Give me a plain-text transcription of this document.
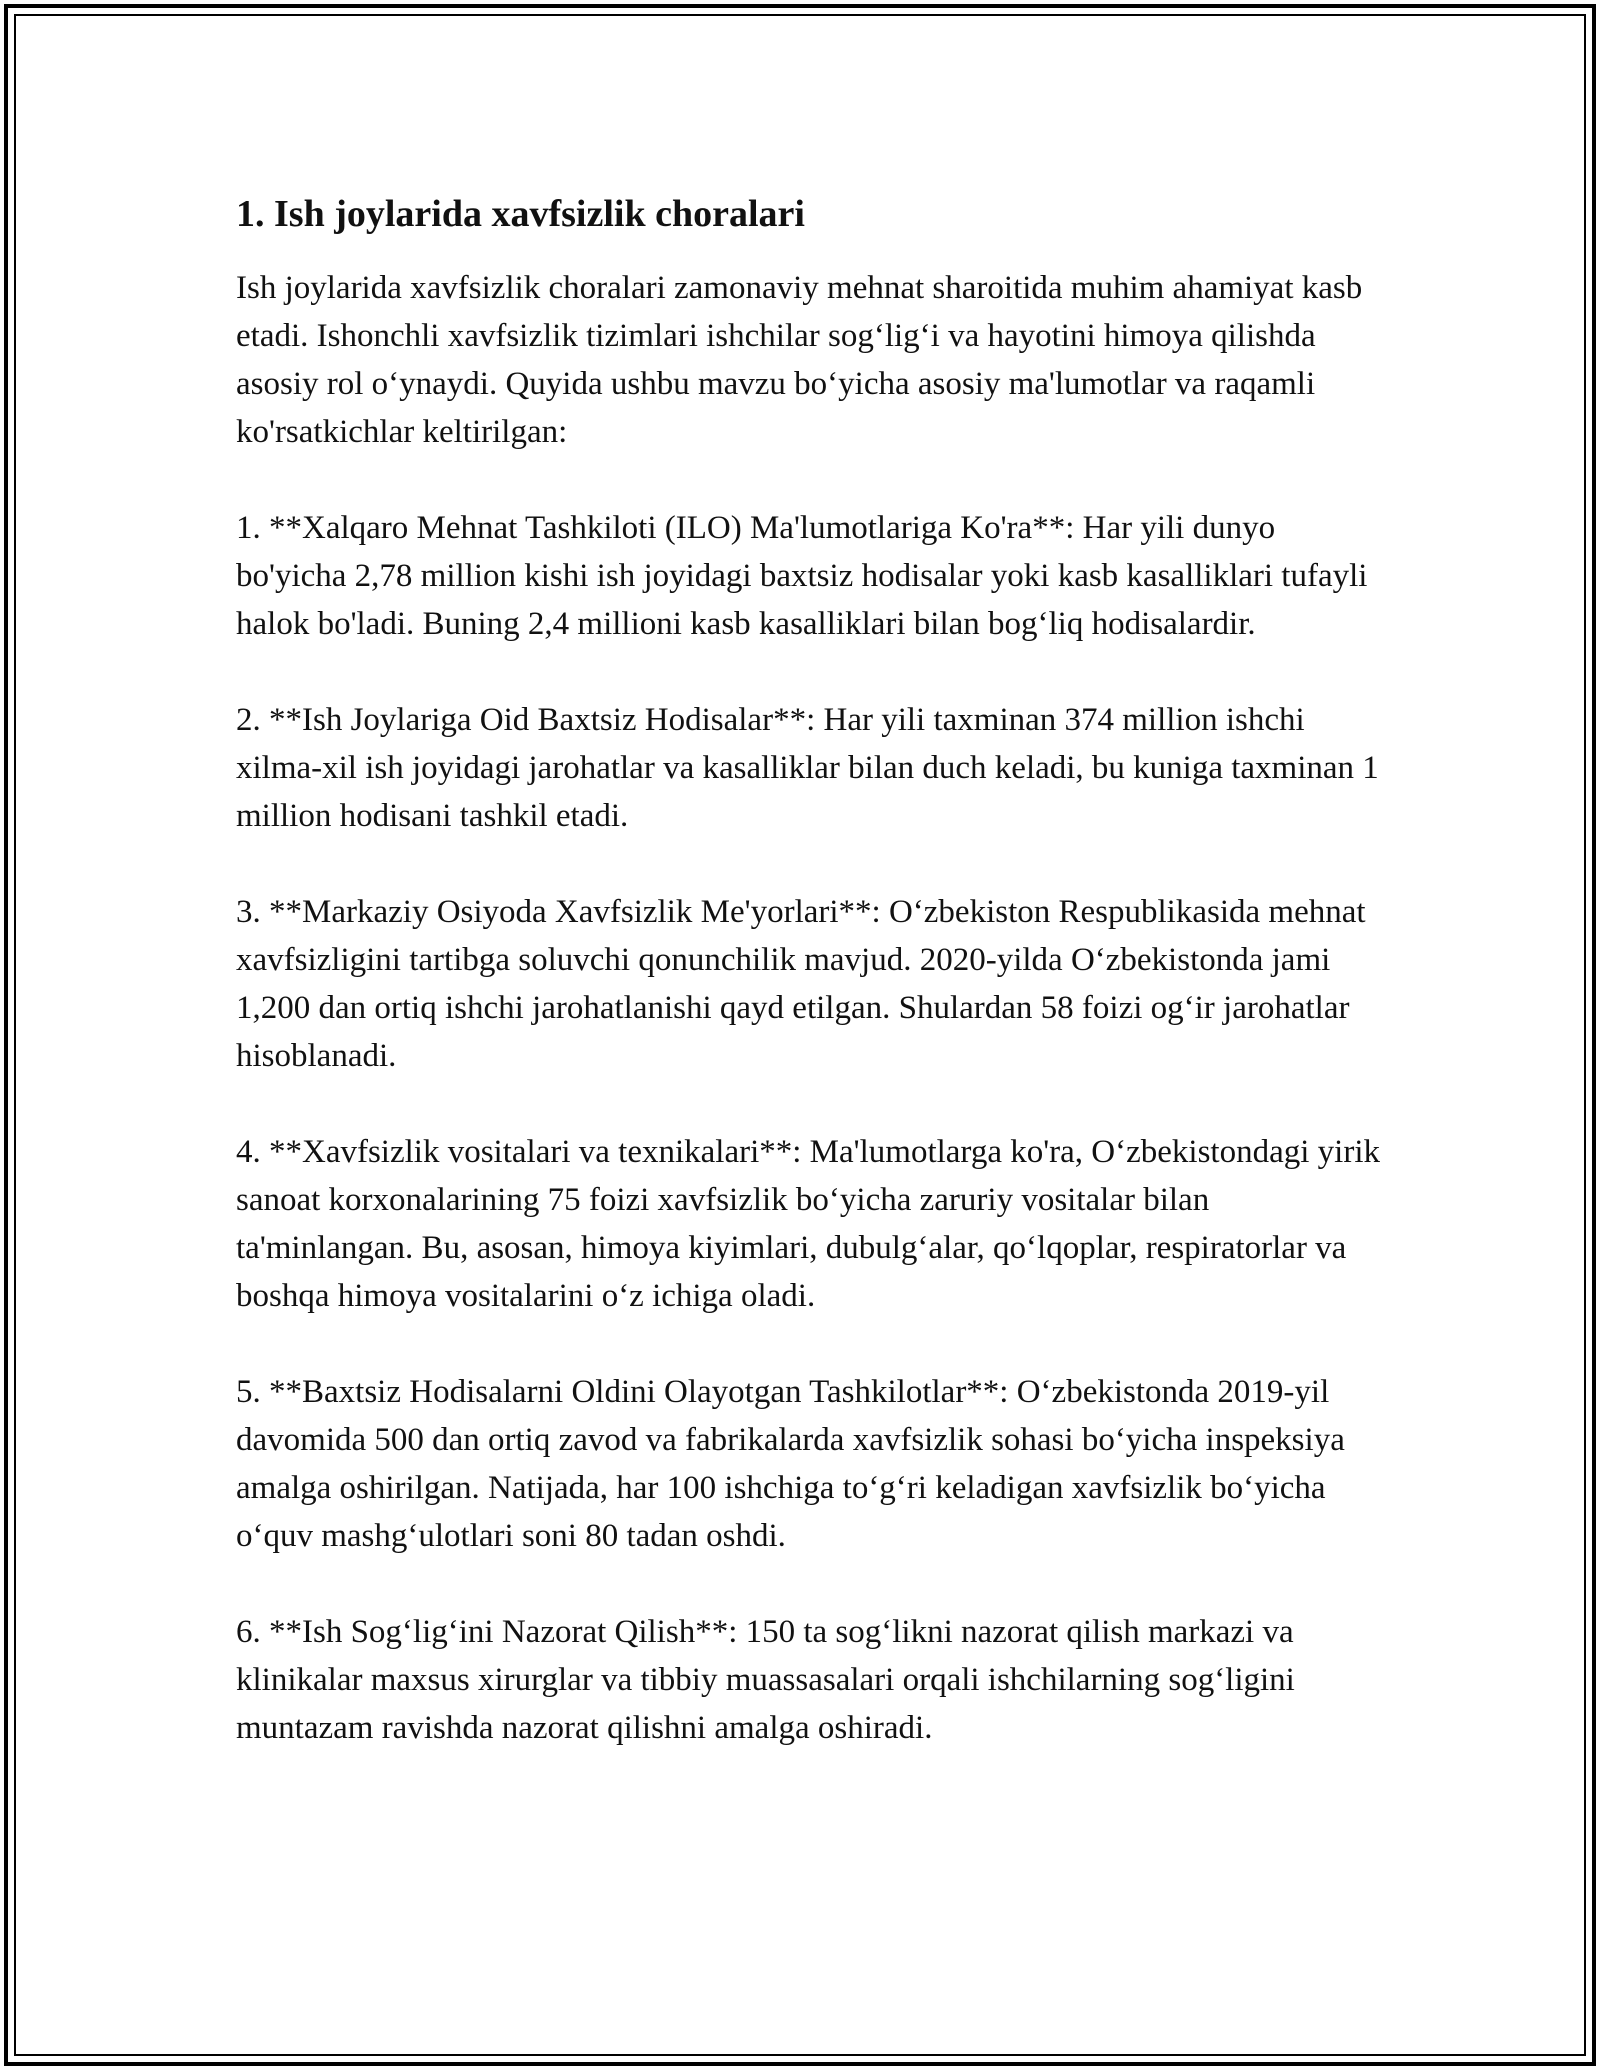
1. Ish joylarida xavfsizlik choralari

Ish joylarida xavfsizlik choralari zamonaviy mehnat sharoitida muhim ahamiyat kasb etadi. Ishonchli xavfsizlik tizimlari ishchilar sog‘lig‘i va hayotini himoya qilishda asosiy rol o‘ynaydi. Quyida ushbu mavzu bo‘yicha asosiy ma'lumotlar va raqamli ko'rsatkichlar keltirilgan:

1. **Xalqaro Mehnat Tashkiloti (ILO) Ma'lumotlariga Ko'ra**: Har yili dunyo bo'yicha 2,78 million kishi ish joyidagi baxtsiz hodisalar yoki kasb kasalliklari tufayli halok bo'ladi. Buning 2,4 millioni kasb kasalliklari bilan bog‘liq hodisalardir.

2. **Ish Joylariga Oid Baxtsiz Hodisalar**: Har yili taxminan 374 million ishchi xilma-xil ish joyidagi jarohatlar va kasalliklar bilan duch keladi, bu kuniga taxminan 1 million hodisani tashkil etadi.

3. **Markaziy Osiyoda Xavfsizlik Me'yorlari**: O‘zbekiston Respublikasida mehnat xavfsizligini tartibga soluvchi qonunchilik mavjud. 2020-yilda O‘zbekistonda jami 1,200 dan ortiq ishchi jarohatlanishi qayd etilgan. Shulardan 58 foizi og‘ir jarohatlar hisoblanadi.

4. **Xavfsizlik vositalari va texnikalari**: Ma'lumotlarga ko'ra, O‘zbekistondagi yirik sanoat korxonalarining 75 foizi xavfsizlik bo‘yicha zaruriy vositalar bilan ta'minlangan. Bu, asosan, himoya kiyimlari, dubulg‘alar, qo‘lqoplar, respiratorlar va boshqa himoya vositalarini o‘z ichiga oladi.

5. **Baxtsiz Hodisalarni Oldini Olayotgan Tashkilotlar**: O‘zbekistonda 2019-yil davomida 500 dan ortiq zavod va fabrikalarda xavfsizlik sohasi bo‘yicha inspeksiya amalga oshirilgan. Natijada, har 100 ishchiga to‘g‘ri keladigan xavfsizlik bo‘yicha o‘quv mashg‘ulotlari soni 80 tadan oshdi.

6. **Ish Sog‘lig‘ini Nazorat Qilish**: 150 ta sog‘likni nazorat qilish markazi va klinikalar maxsus xirurglar va tibbiy muassasalari orqali ishchilarning sog‘ligini muntazam ravishda nazorat qilishni amalga oshiradi.
